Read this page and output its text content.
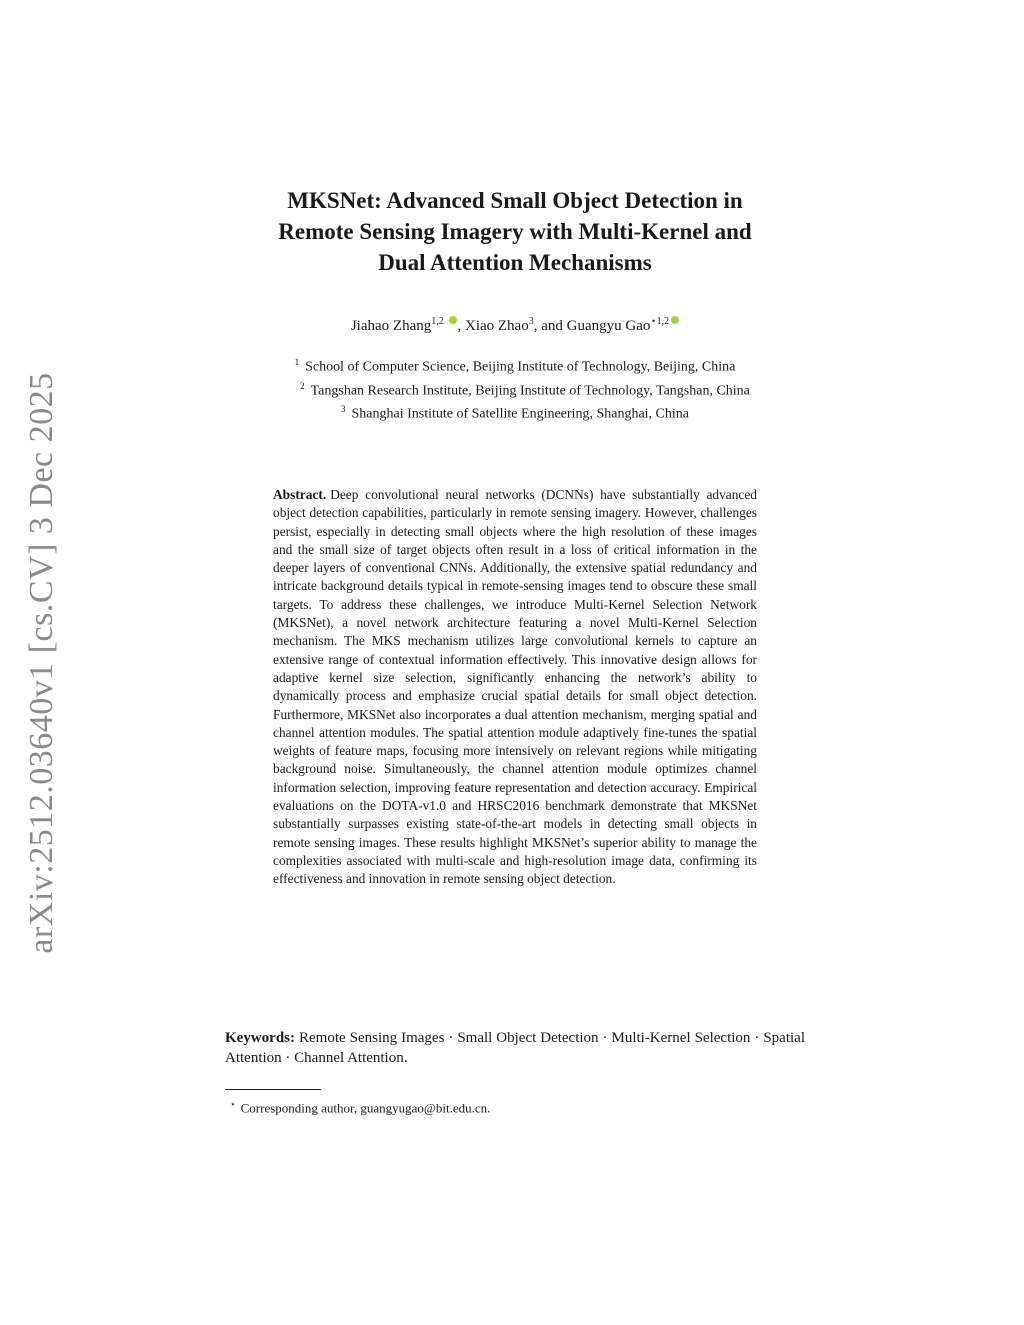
arXiv:2512.03640v1 [cs.CV] 3 Dec 2025
MKSNet: Advanced Small Object Detection in
Remote Sensing Imagery with Multi-Kernel and
Dual Attention Mechanisms
Jiahao Zhang$^{1,2}$ , Xiao Zhao$^3$, and Guangyu Gao$^{⋆1,2}$
$^1$ School of Computer Science, Beijing Institute of Technology, Beijing, China
$^2$ Tangshan Research Institute, Beijing Institute of Technology, Tangshan, China
$^3$ Shanghai Institute of Satellite Engineering, Shanghai, China

Abstract. Deep convolutional neural networks (DCNNs) have substantially advanced object detection capabilities, particularly in remote sensing imagery. However, challenges persist, especially in detecting small objects where the high resolution of these images and the small size of target objects often result in a loss of critical information in the deeper layers of conventional CNNs. Additionally, the extensive spatial redundancy and intricate background details typical in remote-sensing images tend to obscure these small targets. To address these challenges, we introduce Multi-Kernel Selection Network (MKSNet), a novel network architecture featuring a novel Multi-Kernel Selection mechanism. The MKS mechanism utilizes large convolutional kernels to capture an extensive range of contextual information effectively. This innovative design allows for adaptive kernel size selection, significantly enhancing the network’s ability to dynamically process and emphasize crucial spatial details for small object detection. Furthermore, MKSNet also incorporates a dual attention mechanism, merging spatial and channel attention modules. The spatial attention module adaptively fine-tunes the spatial weights of feature maps, focusing more intensively on relevant regions while mitigating background noise. Simultaneously, the channel attention module optimizes channel information selection, improving feature representation and detection accuracy. Empirical evaluations on the DOTA-v1.0 and HRSC2016 benchmark demonstrate that MKSNet substantially surpasses existing state-of-the-art models in detecting small objects in remote sensing images. These results highlight MKSNet’s superior ability to manage the complexities associated with multi-scale and high-resolution image data, confirming its effectiveness and innovation in remote sensing object detection.

Keywords: Remote Sensing Images · Small Object Detection · Multi-Kernel Selection · Spatial Attention · Channel Attention.

⋆ Corresponding author, guangyugao@bit.edu.cn.
